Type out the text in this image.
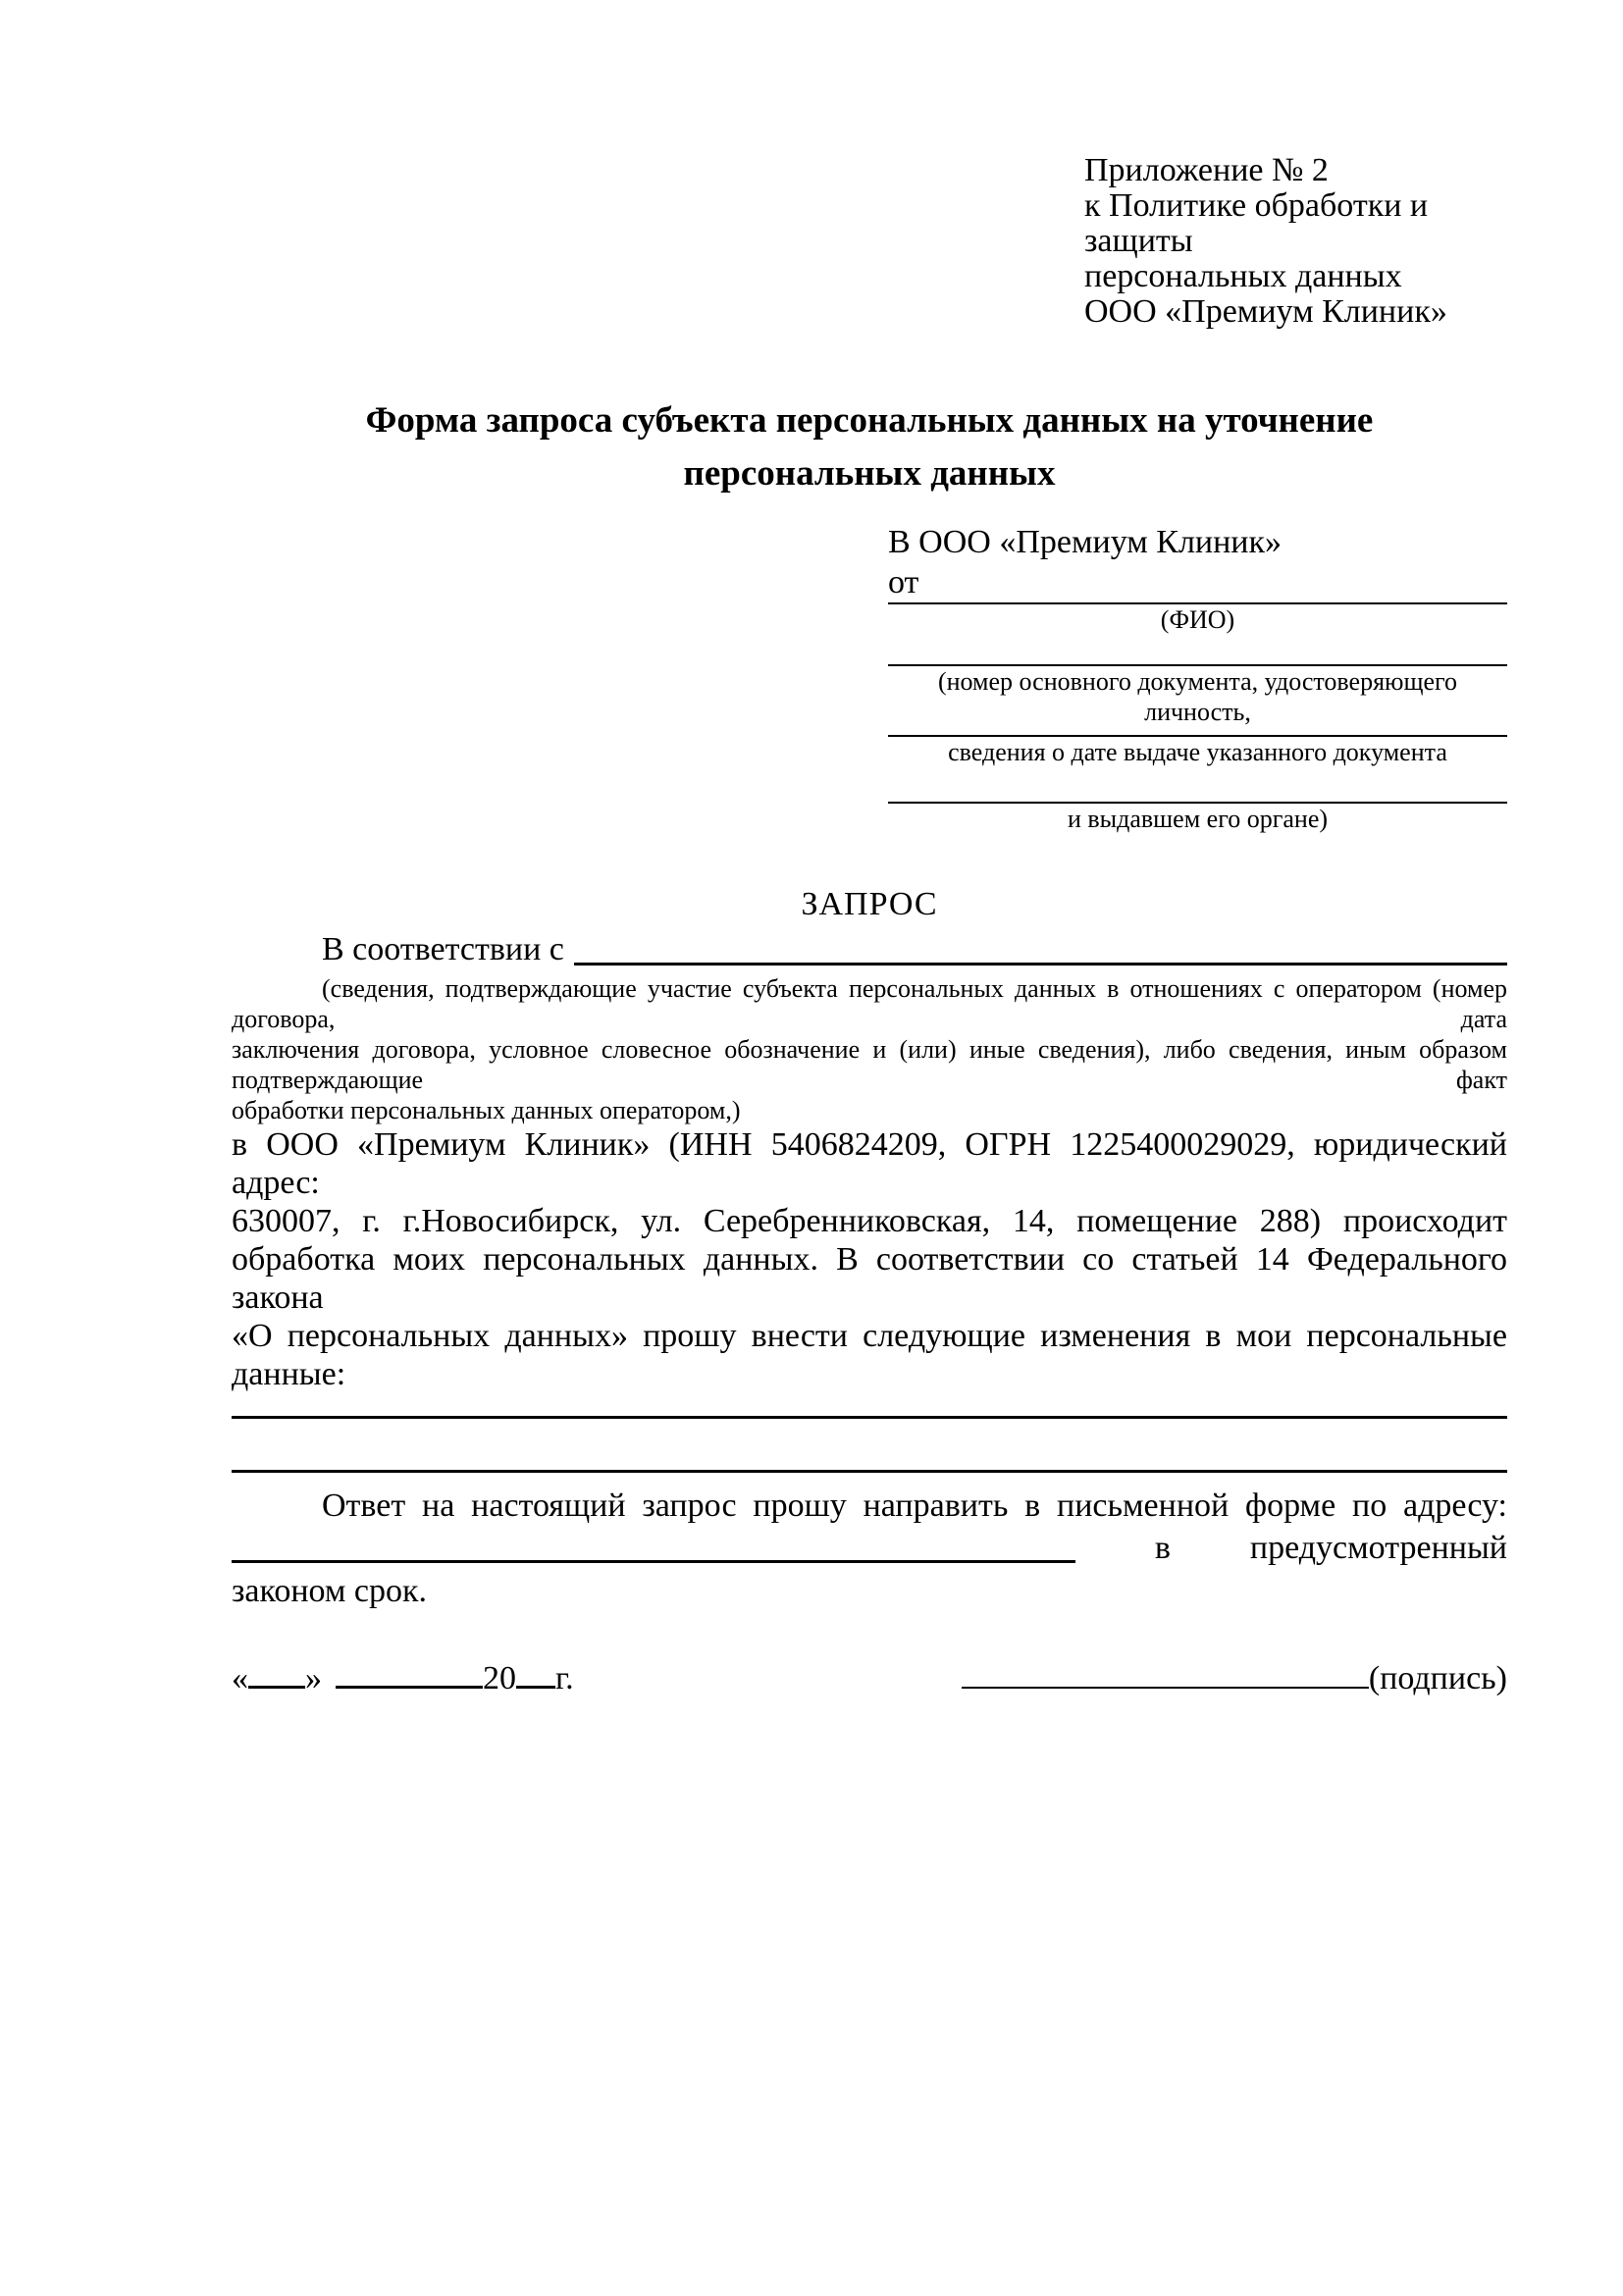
Приложение № 2
к Политике обработки и защиты
персональных данных
ООО «Премиум Клиник»
Форма запроса субъекта персональных данных на уточнение
персональных данных
В ООО «Премиум Клиник»
от
(ФИО)
(номер основного документа, удостоверяющего личность,
сведения о дате выдаче указанного документа
и выдавшем его органе)
ЗАПРОС
В соответствии с
(сведения, подтверждающие участие субъекта персональных данных в отношениях с оператором (номер договора, дата
заключения договора, условное словесное обозначение и (или) иные сведения), либо сведения, иным образом подтверждающие факт
обработки персональных данных оператором,)
в ООО «Премиум Клиник» (ИНН 5406824209, ОГРН 1225400029029, юридический адрес:
630007, г. г.Новосибирск, ул. Серебренниковская, 14, помещение 288) происходит
обработка моих персональных данных. В соответствии со статьей 14 Федерального закона
«О персональных данных» прошу внести следующие изменения в мои персональные
данные:
Ответ на настоящий запрос прошу направить в письменной форме по адресу:
в предусмотренный
законом срок.
« »	20 г.	(подпись)
